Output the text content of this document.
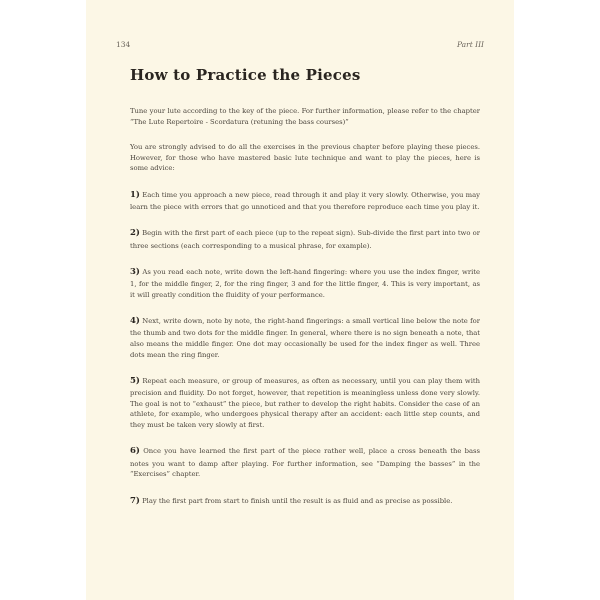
134	Part III
How to Practice the Pieces

Tune your lute according to the key of the piece. For further information, please refer to the chapter “The Lute Repertoire - Scordatura (retuning the bass courses)”

You are strongly advised to do all the exercises in the previous chapter before playing these pieces. However, for those who have mastered basic lute technique and want to play the pieces, here is some advice:

1) Each time you approach a new piece, read through it and play it very slowly. Otherwise, you may learn the piece with errors that go unnoticed and that you therefore reproduce each time you play it.

2) Begin with the first part of each piece (up to the repeat sign). Sub-divide the first part into two or three sections (each corresponding to a musical phrase, for example).

3) As you read each note, write down the left-hand fingering: where you use the index finger, write 1, for the middle finger, 2, for the ring finger, 3 and for the little finger, 4. This is very important, as it will greatly condition the fluidity of your performance.

4) Next, write down, note by note, the right-hand fingerings: a small vertical line below the note for the thumb and two dots for the middle finger. In general, where there is no sign beneath a note, that also means the middle finger. One dot may occasionally be used for the index finger as well. Three dots mean the ring finger.

5) Repeat each measure, or group of measures, as often as necessary, until you can play them with precision and fluidity. Do not forget, however, that repetition is meaningless unless done very slowly. The goal is not to “exhaust” the piece, but rather to develop the right habits. Consider the case of an athlete, for example, who undergoes physical therapy after an accident: each little step counts, and they must be taken very slowly at first.

6) Once you have learned the first part of the piece rather well, place a cross beneath the bass notes you want to damp after playing. For further information, see “Damping the basses” in the “Exercises” chapter.

7) Play the first part from start to finish until the result is as fluid and as precise as possible.
